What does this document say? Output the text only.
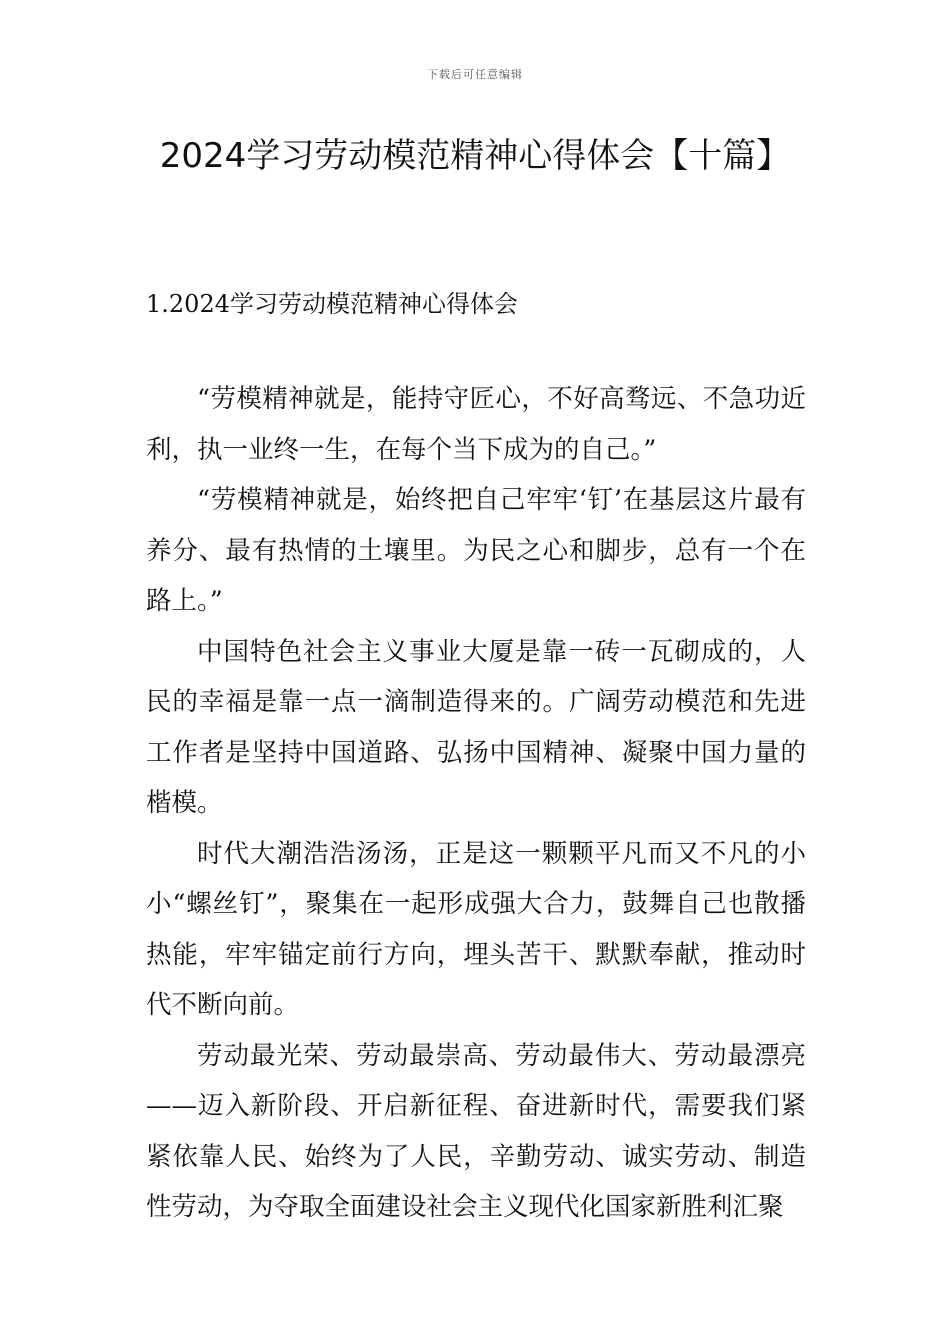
下载后可任意编辑
2024学习劳动模范精神心得体会【十篇】
1.2024学习劳动模范精神心得体会

“劳模精神就是，能持守匠心，不好高骛远、不急功近利，执一业终一生，在每个当下成为的自己。”

“劳模精神就是，始终把自己牢牢‘钉’在基层这片最有养分、最有热情的土壤里。为民之心和脚步，总有一个在路上。”

中国特色社会主义事业大厦是靠一砖一瓦砌成的，人民的幸福是靠一点一滴制造得来的。广阔劳动模范和先进工作者是坚持中国道路、弘扬中国精神、凝聚中国力量的楷模。

时代大潮浩浩汤汤，正是这一颗颗平凡而又不凡的小小“螺丝钉”，聚集在一起形成强大合力，鼓舞自己也散播热能，牢牢锚定前行方向，埋头苦干、默默奉献，推动时代不断向前。

劳动最光荣、劳动最崇高、劳动最伟大、劳动最漂亮——迈入新阶段、开启新征程、奋进新时代，需要我们紧紧依靠人民、始终为了人民，辛勤劳动、诚实劳动、制造性劳动，为夺取全面建设社会主义现代化国家新胜利汇聚
